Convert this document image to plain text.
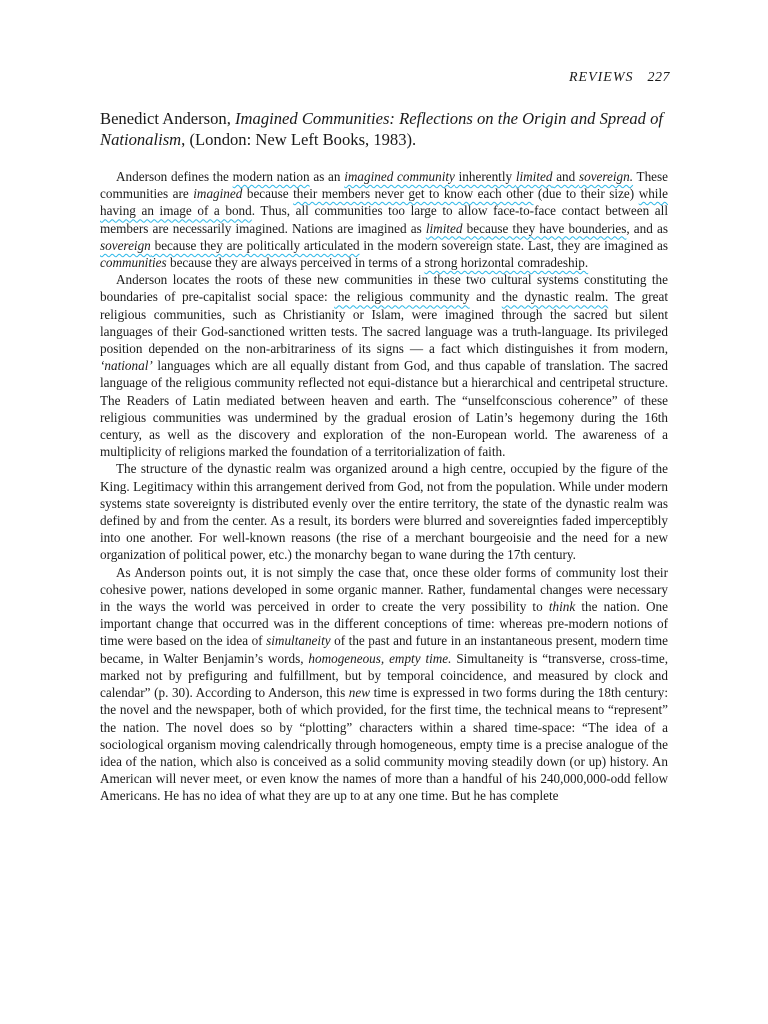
REVIEWS 227
Benedict Anderson, Imagined Communities: Reflections on the Origin and Spread of Nationalism, (London: New Left Books, 1983).

Anderson defines the modern nation as an imagined community inherently limited and sovereign. These communities are imagined because their members never get to know each other (due to their size) while having an image of a bond. Thus, all communities too large to allow face-to-face contact between all members are necessarily imagined. Nations are imagined as limited because they have bounderies, and as sovereign because they are politically articulated in the modern sovereign state. Last, they are imagined as communities because they are always perceived in terms of a strong horizontal comradeship.

Anderson locates the roots of these new communities in these two cultural systems constituting the boundaries of pre-capitalist social space: the religious community and the dynastic realm. The great religious communities, such as Christianity or Islam, were imagined through the sacred but silent languages of their God-sanctioned written tests. The sacred language was a truth-language. Its privileged position depended on the non-arbitrariness of its signs — a fact which distinguishes it from modern, ‘national’ languages which are all equally distant from God, and thus capable of translation. The sacred language of the religious community reflected not equi-distance but a hierarchical and centripetal structure. The Readers of Latin mediated between heaven and earth. The “unselfconscious coherence” of these religious communities was undermined by the gradual erosion of Latin’s hegemony during the 16th century, as well as the discovery and exploration of the non-European world. The awareness of a multiplicity of religions marked the foundation of a territorialization of faith.

The structure of the dynastic realm was organized around a high centre, occupied by the figure of the King. Legitimacy within this arrangement derived from God, not from the population. While under modern systems state sovereignty is distributed evenly over the entire territory, the state of the dynastic realm was defined by and from the center. As a result, its borders were blurred and sovereignties faded imperceptibly into one another. For well-known reasons (the rise of a merchant bourgeoisie and the need for a new organization of political power, etc.) the monarchy began to wane during the 17th century.

As Anderson points out, it is not simply the case that, once these older forms of community lost their cohesive power, nations developed in some organic manner. Rather, fundamental changes were necessary in the ways the world was perceived in order to create the very possibility to think the nation. One important change that occurred was in the different conceptions of time: whereas pre-modern notions of time were based on the idea of simultaneity of the past and future in an instantaneous present, modern time became, in Walter Benjamin’s words, homogeneous, empty time. Simultaneity is “transverse, cross-time, marked not by prefiguring and fulfillment, but by temporal coincidence, and measured by clock and calendar” (p. 30). According to Anderson, this new time is expressed in two forms during the 18th century: the novel and the newspaper, both of which provided, for the first time, the technical means to “represent” the nation. The novel does so by “plotting” characters within a shared time-space: “The idea of a sociological organism moving calendrically through homogeneous, empty time is a precise analogue of the idea of the nation, which also is conceived as a solid community moving steadily down (or up) history. An American will never meet, or even know the names of more than a handful of his 240,000,000-odd fellow Americans. He has no idea of what they are up to at any one time. But he has complete
